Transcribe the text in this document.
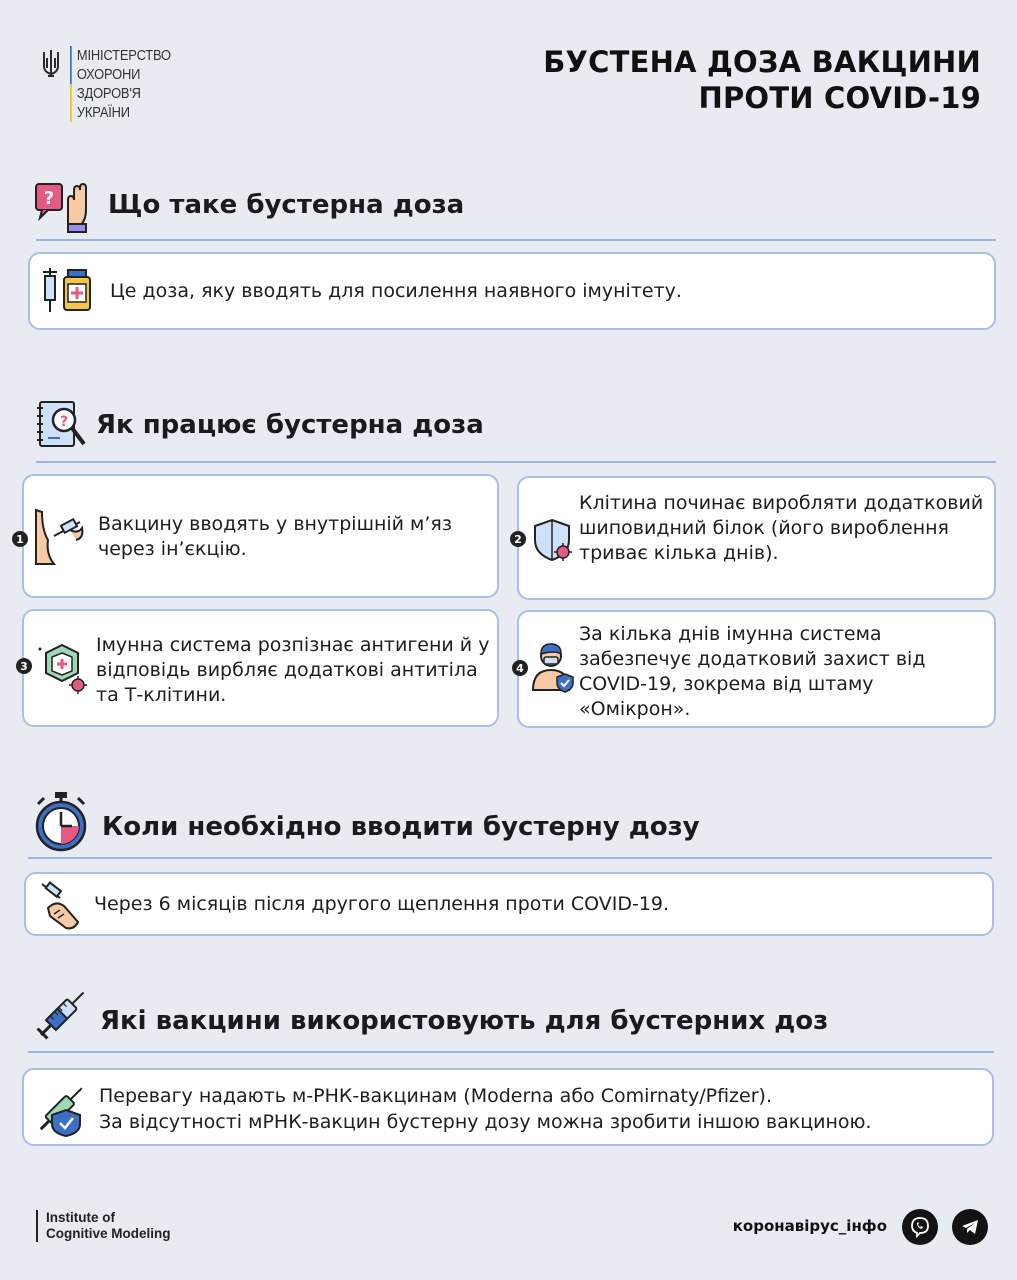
МІНІСТЕРСТВО
ОХОРОНИ
ЗДОРОВ'Я
УКРАЇНИ
БУСТЕНА ДОЗА ВАКЦИНИ
ПРОТИ COVID-19
? Що таке бустерна доза
Це доза, яку вводять для посилення наявного імунітету.
? Як працює бустерна доза
1
Вакцину вводять у внутрішній м’яз через ін’єкцію.	2
Клітина починає виробляти додатковий шиповидний білок (його вироблення триває кілька днів).
3
Імунна система розпізнає антигени й у відповідь вирбляє додаткові антитіла та Т-клітини.
4
За кілька днів імунна система забезпечує додатковий захист від COVID-19, зокрема від штаму «Омікрон».
Коли необхідно вводити бустерну дозу
Через 6 місяців після другого щеплення проти COVID-19.
Які вакцини використовують для бустерних доз
Перевагу надають м-РНК-вакцинам (Moderna або Comirnaty/Pfizer).
За відсутності мРНК-вакцин бустерну дозу можна зробити іншою вакциною.
Institute of
Cognitive Modeling	коронавірус_інфо
